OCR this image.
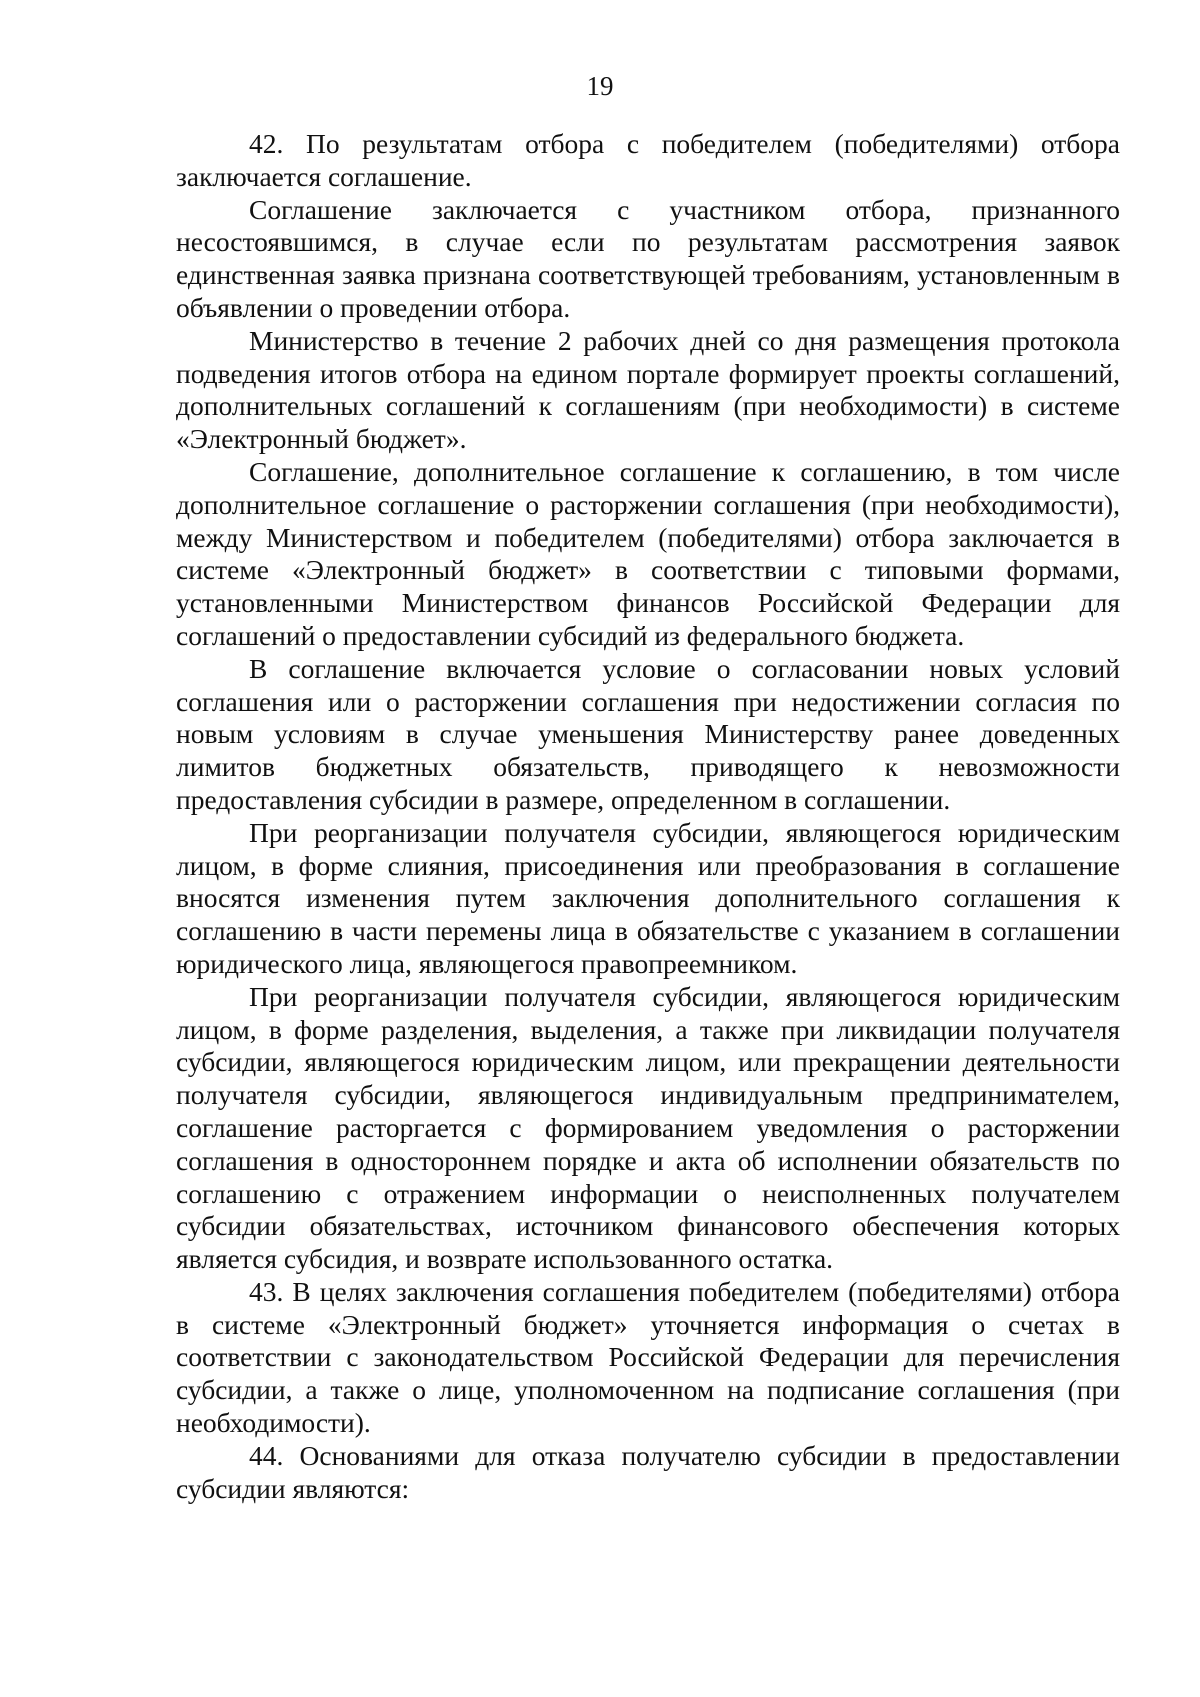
19

42. По результатам отбора с победителем (победителями) отбора заключается соглашение.

Соглашение заключается с участником отбора, признанного несостоявшимся, в случае если по результатам рассмотрения заявок единственная заявка признана соответствующей требованиям, установленным в объявлении о проведении отбора.

Министерство в течение 2 рабочих дней со дня размещения протокола подведения итогов отбора на едином портале формирует проекты соглашений, дополнительных соглашений к соглашениям (при необходимости) в системе «Электронный бюджет».

Соглашение, дополнительное соглашение к соглашению, в том числе дополнительное соглашение о расторжении соглашения (при необходимости), между Министерством и победителем (победителями) отбора заключается в системе «Электронный бюджет» в соответствии с типовыми формами, установленными Министерством финансов Российской Федерации для соглашений о предоставлении субсидий из федерального бюджета.

В соглашение включается условие о согласовании новых условий соглашения или о расторжении соглашения при недостижении согласия по новым условиям в случае уменьшения Министерству ранее доведенных лимитов бюджетных обязательств, приводящего к невозможности предоставления субсидии в размере, определенном в соглашении.

При реорганизации получателя субсидии, являющегося юридическим лицом, в форме слияния, присоединения или преобразования в соглашение вносятся изменения путем заключения дополнительного соглашения к соглашению в части перемены лица в обязательстве с указанием в соглашении юридического лица, являющегося правопреемником.

При реорганизации получателя субсидии, являющегося юридическим лицом, в форме разделения, выделения, а также при ликвидации получателя субсидии, являющегося юридическим лицом, или прекращении деятельности получателя субсидии, являющегося индивидуальным предпринимателем, соглашение расторгается с формированием уведомления о расторжении соглашения в одностороннем порядке и акта об исполнении обязательств по соглашению с отражением информации о неисполненных получателем субсидии обязательствах, источником финансового обеспечения которых является субсидия, и возврате использованного остатка.

43. В целях заключения соглашения победителем (победителями) отбора в системе «Электронный бюджет» уточняется информация о счетах в соответствии с законодательством Российской Федерации для перечисления субсидии, а также о лице, уполномоченном на подписание соглашения (при необходимости).

44. Основаниями для отказа получателю субсидии в предоставлении субсидии являются:
